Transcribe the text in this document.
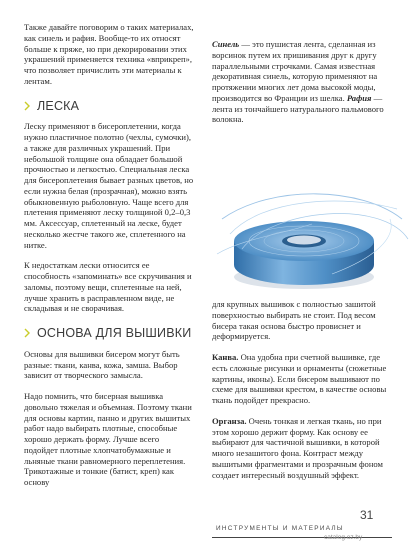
Также давайте поговорим о таких материалах, как синель и рафия. Вообще-то их относят больше к пряже, но при декорировании этих украшений применяется техника «вприкреп», что позволяет причислить эти материалы к лентам.

ЛЕСКА

Леску применяют в бисероплетении, когда нужно пластичное полотно (чехлы, сумочки), а также для различных украшений. При небольшой толщине она обладает большой прочностью и легкостью. Специальная леска для бисероплетения бывает разных цветов, но если нужна белая (прозрачная), можно взять обыкновенную рыболовную. Чаще всего для плетения применяют леску толщиной 0,2–0,3 мм. Аксессуар, сплетенный на леске, будет несколько жестче такого же, сплетенного на нитке.

К недостаткам лески относится ее способность «запоминать» все скручивания и заломы, поэтому вещи, сплетенные на ней, лучше хранить в расправленном виде, не складывая и не сворачивая.

ОСНОВА ДЛЯ ВЫШИВКИ

Основы для вышивки бисером могут быть разные: ткани, канва, кожа, замша. Выбор зависит от творческого замысла.

Надо помнить, что бисерная вышивка довольно тяжелая и объемная. Поэтому ткани для основы картин, панно и других вышитых работ надо выбирать плотные, способные хорошо держать форму. Лучше всего подойдет плотные хлопчатобумажные и льняные ткани равномерного переплетения. Трикотажные и тонкие (батист, креп) как основу

Синель — это пушистая лента, сделанная из ворсинок путем их пришивания друг к другу параллельными строчками. Самая известная декоративная синель, которую применяют на протяжении многих лет дома высокой моды, производится во Франции из шелка. Рафия — лента из тончайшего натурального пальмового волокна.

для крупных вышивок с полностью зашитой поверхностью выбирать не стоит. Под весом бисера такая основа быстро провиснет и деформируется.

Канва. Она удобна при счетной вышивке, где есть сложные рисунки и орнаменты (сюжетные картины, иконы). Если бисером вышивают по схеме для вышивки крестом, в качестве основы ткань подойдет прекрасно.

Органза. Очень тонкая и легкая ткань, но при этом хорошо держит форму. Как основу ее выбирают для частичной вышивки, в которой много незашитого фона. Контраст между вышитыми фрагментами и прозрачным фоном создает интересный воздушный эффект.

ИНСТРУМЕНТЫ И МАТЕРИАЛЫ
31
catalog.oz.by
